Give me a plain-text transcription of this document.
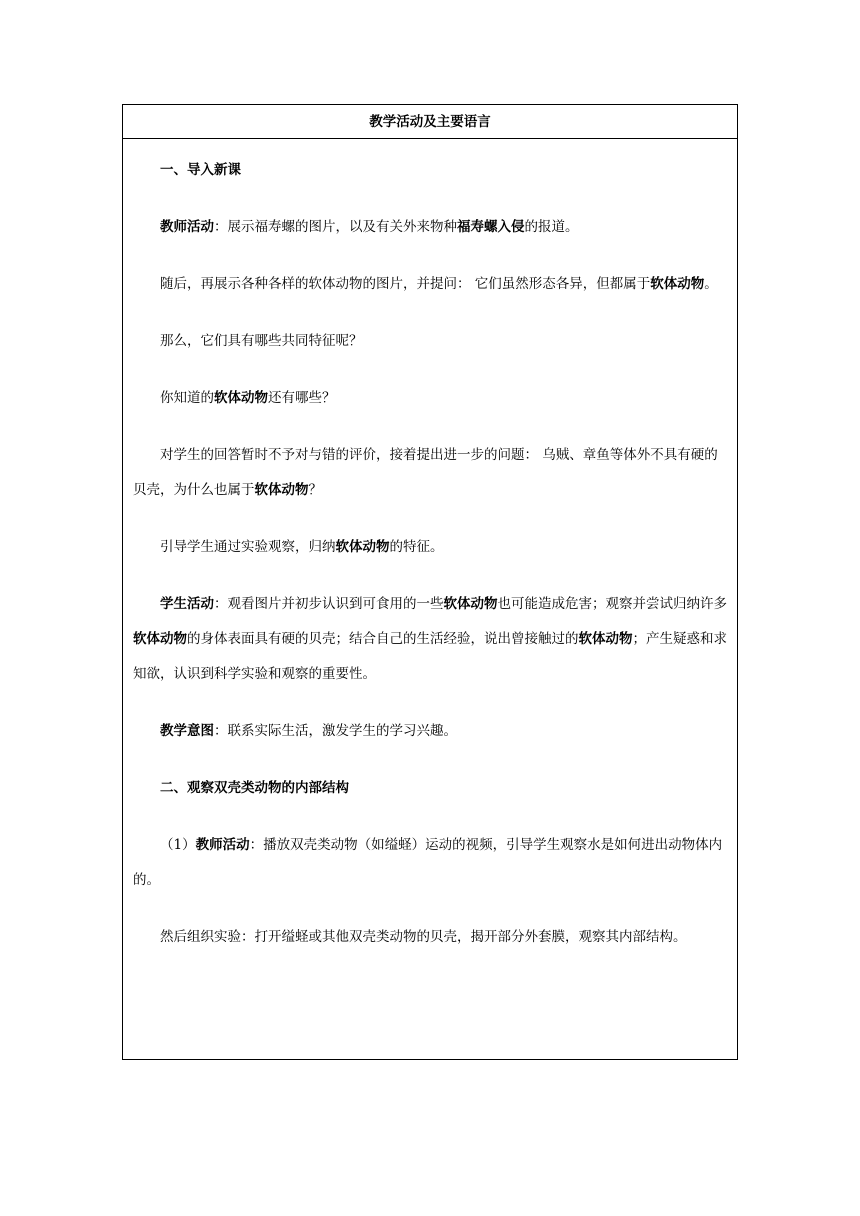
教学活动及主要语言

一、导入新课

教师活动：展示福寿螺的图片，以及有关外来物种福寿螺入侵的报道。

随后，再展示各种各样的软体动物的图片，并提问： 它们虽然形态各异，但都属于软体动物。

那么，它们具有哪些共同特征呢？

你知道的软体动物还有哪些？

对学生的回答暂时不予对与错的评价，接着提出进一步的问题： 乌贼、章鱼等体外不具有硬的贝壳，为什么也属于软体动物？

引导学生通过实验观察，归纳软体动物的特征。

学生活动：观看图片并初步认识到可食用的一些软体动物也可能造成危害；观察并尝试归纳许多软体动物的身体表面具有硬的贝壳；结合自己的生活经验，说出曾接触过的软体动物；产生疑惑和求知欲，认识到科学实验和观察的重要性。

教学意图：联系实际生活，激发学生的学习兴趣。

二、观察双壳类动物的内部结构

（1）教师活动：播放双壳类动物（如缢蛏）运动的视频，引导学生观察水是如何进出动物体内的。

然后组织实验：打开缢蛏或其他双壳类动物的贝壳，揭开部分外套膜，观察其内部结构。
